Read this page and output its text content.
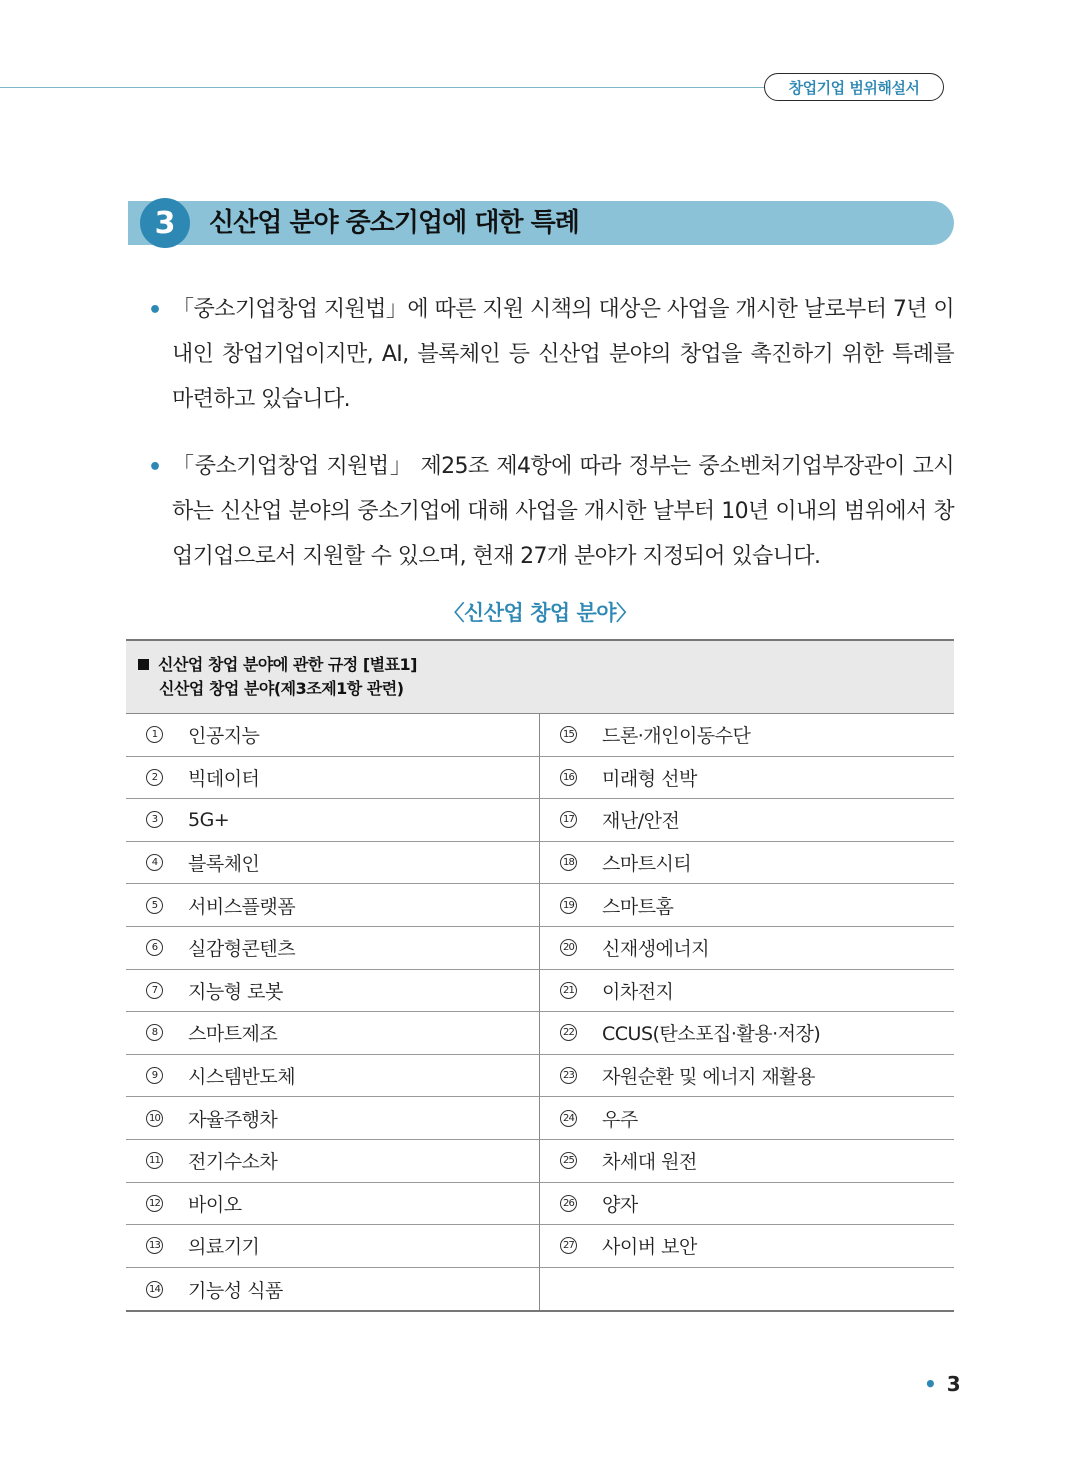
창업기업 범위해설서
3	신산업 분야 중소기업에 대한 특례
• 「중소기업창업 지원법」에 따른 지원 시책의 대상은 사업을 개시한 날로부터 7년 이내인 창업기업이지만, AI, 블록체인 등 신산업 분야의 창업을 촉진하기 위한 특례를 마련하고 있습니다.
• 「중소기업창업 지원법」 제25조 제4항에 따라 정부는 중소벤처기업부장관이 고시하는 신산업 분야의 중소기업에 대해 사업을 개시한 날부터 10년 이내의 범위에서 창업기업으로서 지원할 수 있으며, 현재 27개 분야가 지정되어 있습니다.
〈신산업 창업 분야〉
신산업 창업 분야에 관한 규정 [별표1]
신산업 창업 분야(제3조제1항 관련)
1	인공지능	15 드론·개인이동수단
2	빅데이터	16 미래형 선박
3	5G+	17 재난/안전
4	블록체인	18 스마트시티
5	서비스플랫폼	19 스마트홈
6	실감형콘텐츠	20 신재생에너지
7	지능형 로봇	21 이차전지
8	스마트제조	22 CCUS(탄소포집·활용·저장)
9	시스템반도체	23 자원순환 및 에너지 재활용
10 자율주행차	24 우주
11 전기수소차	25 차세대 원전
12 바이오	26 양자
13 의료기기	27 사이버 보안
14 기능성 식품
• 3
